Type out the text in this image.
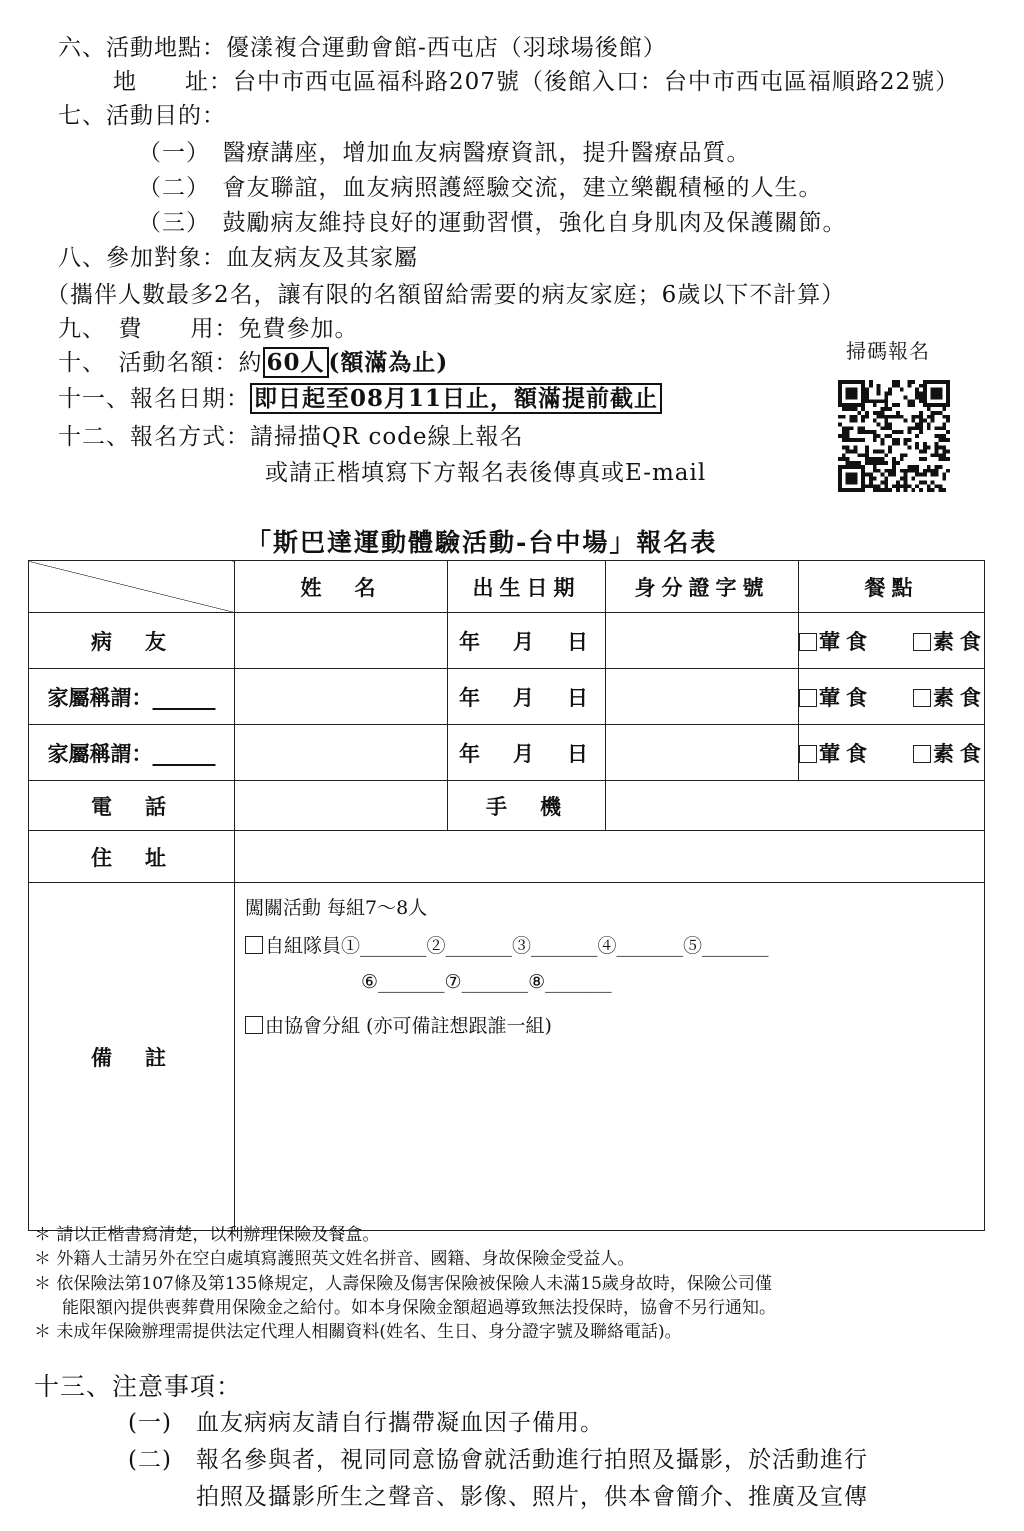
六、活動地點：優漾複合運動會館-西屯店（羽球場後館）
地　　址：台中市西屯區福科路207號（後館入口：台中市西屯區福順路22號）
七、活動目的：
（一）　醫療講座，增加血友病醫療資訊，提升醫療品質。
（二）　會友聯誼，血友病照護經驗交流，建立樂觀積極的人生。
（三）　鼓勵病友維持良好的運動習慣，強化自身肌肉及保護關節。
八、參加對象：血友病友及其家屬
（攜伴人數最多2名，讓有限的名額留給需要的病友家庭；6歲以下不計算）
九、　費　　用：免費參加。
十、　活動名額：約 60人 (額滿為止)
十一、報名日期： 即日起至08月11日止，額滿提前截止
十二、報名方式：請掃描QR code線上報名
或請正楷填寫下方報名表後傳真或E-mail
掃碼報名
「斯巴達運動體驗活動-台中場」報名表
	姓　名	出生日期	身分證字號	餐點
病　友		年　月　日		葷食 素食
家屬稱謂：______		年　月　日		葷食 素食
家屬稱謂：______		年　月　日		葷食 素食
電　話		手　機		
住　址				
備　註	闖關活動 每組7～8人
自組隊員①_______②_______③_______④_______⑤_______
⑥_______⑦_______⑧_______
由協會分組 (亦可備註想跟誰一組)			
＊ 請以正楷書寫清楚，以利辦理保險及餐盒。
＊ 外籍人士請另外在空白處填寫護照英文姓名拼音、國籍、身故保險金受益人。
＊ 依保險法第107條及第135條規定，人壽保險及傷害保險被保險人未滿15歲身故時，保險公司僅
能限額內提供喪葬費用保險金之給付。如本身保險金額超過導致無法投保時，協會不另行通知。
＊ 未成年保險辦理需提供法定代理人相關資料(姓名、生日、身分證字號及聯絡電話)。
十三、注意事項：
(一)　血友病病友請自行攜帶凝血因子備用。
(二)　報名參與者，視同同意協會就活動進行拍照及攝影，於活動進行
拍照及攝影所生之聲音、影像、照片，供本會簡介、推廣及宣傳
